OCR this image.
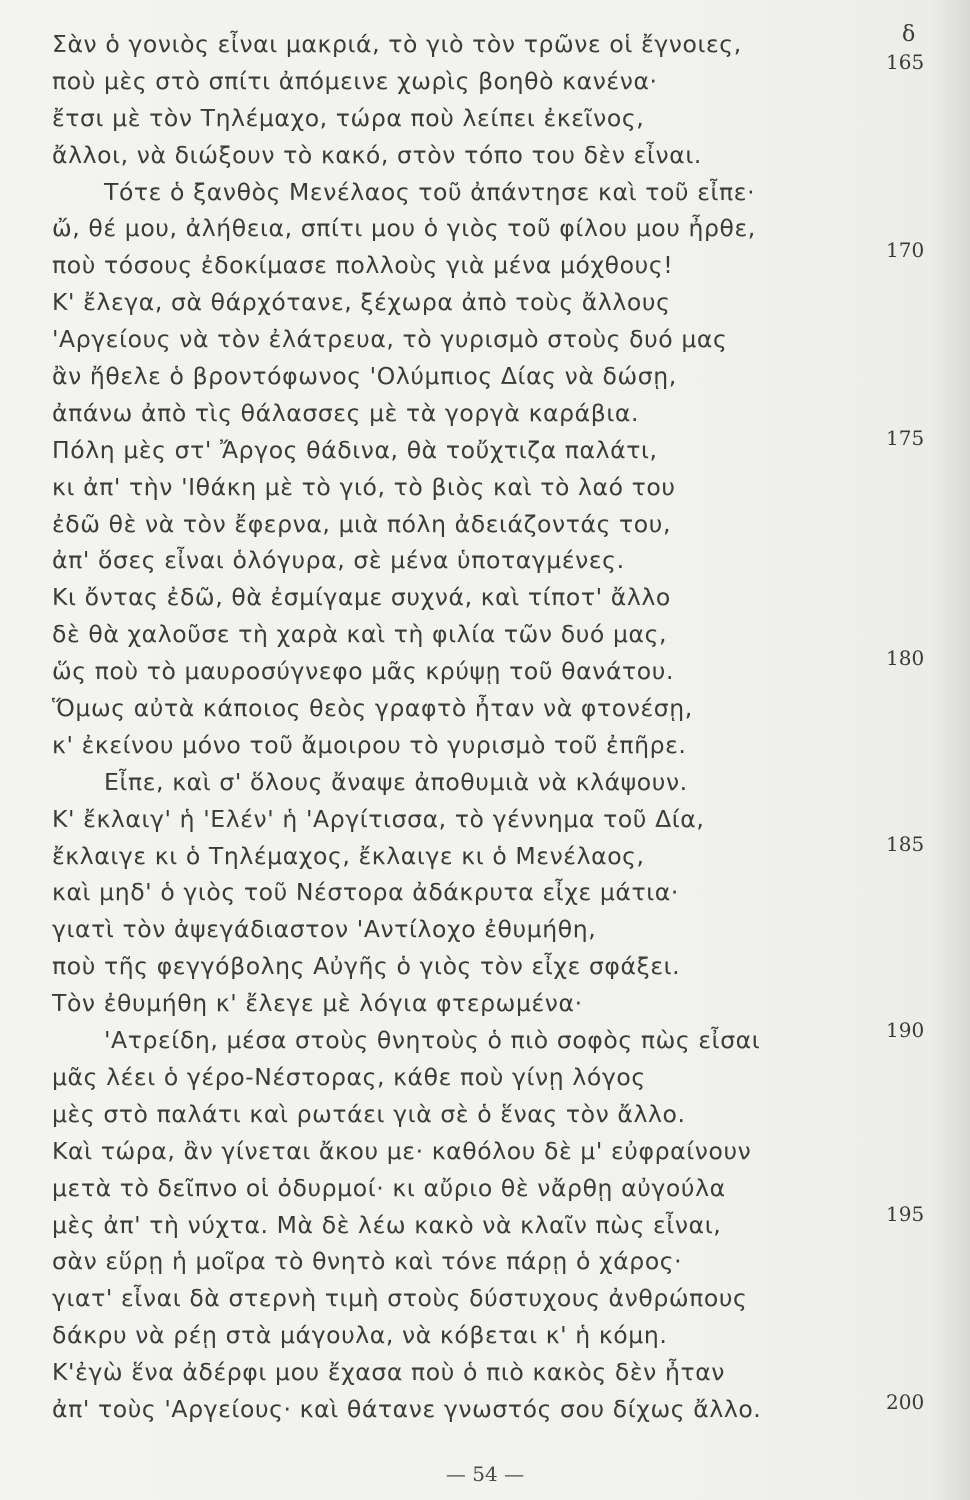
δ
Σὰν ὁ γονιὸς εἶναι μακριά, τὸ γιὸ τὸν τρῶνε οἱ ἔγνοιες,
ποὺ μὲς στὸ σπίτι ἀπόμεινε χωρὶς βοηθὸ κανένα·
ἔτσι μὲ τὸν Τηλέμαχο, τώρα ποὺ λείπει ἐκεῖνος,
ἄλλοι, νὰ διώξουν τὸ κακό, στὸν τόπο του δὲν εἶναι.
Τότε ὁ ξανθὸς Μενέλαος τοῦ ἀπάντησε καὶ τοῦ εἶπε·
ὤ, θέ μου, ἀλήθεια, σπίτι μου ὁ γιὸς τοῦ φίλου μου ἦρθε,
ποὺ τόσους ἐδοκίμασε πολλοὺς γιὰ μένα μόχθους!
Κ' ἔλεγα, σὰ θάρχότανε, ξέχωρα ἀπὸ τοὺς ἄλλους
'Αργείους νὰ τὸν ἐλάτρευα, τὸ γυρισμὸ στοὺς δυό μας
ἂν ἤθελε ὁ βροντόφωνος 'Ολύμπιος Δίας νὰ δώσῃ,
ἀπάνω ἀπὸ τὶς θάλασσες μὲ τὰ γοργὰ καράβια.
Πόλη μὲς στ' Ἄργος θάδινα, θὰ τοὔχτιζα παλάτι,
κι ἀπ' τὴν 'Ιθάκη μὲ τὸ γιό, τὸ βιὸς καὶ τὸ λαό του
ἐδῶ θὲ νὰ τὸν ἔφερνα, μιὰ πόλη ἀδειάζοντάς του,
ἀπ' ὅσες εἶναι ὁλόγυρα, σὲ μένα ὑποταγμένες.
Κι ὄντας ἐδῶ, θὰ ἐσμίγαμε συχνά, καὶ τίποτ' ἄλλο
δὲ θὰ χαλοῦσε τὴ χαρὰ καὶ τὴ φιλία τῶν δυό μας,
ὥς ποὺ τὸ μαυροσύγνεφο μᾶς κρύψῃ τοῦ θανάτου.
Ὅμως αὐτὰ κάποιος θεὸς γραφτὸ ἦταν νὰ φτονέσῃ,
κ' ἐκείνου μόνο τοῦ ἄμοιρου τὸ γυρισμὸ τοῦ ἐπῆρε.
Εἶπε, καὶ σ' ὅλους ἄναψε ἀποθυμιὰ νὰ κλάψουν.
Κ' ἔκλαιγ' ἡ 'Ελέν' ἡ 'Αργίτισσα, τὸ γέννημα τοῦ Δία,
ἔκλαιγε κι ὁ Τηλέμαχος, ἔκλαιγε κι ὁ Μενέλαος,
καὶ μηδ' ὁ γιὸς τοῦ Νέστορα ἀδάκρυτα εἶχε μάτια·
γιατὶ τὸν ἀψεγάδιαστον 'Αντίλοχο ἐθυμήθη,
ποὺ τῆς φεγγόβολης Αὐγῆς ὁ γιὸς τὸν εἶχε σφάξει.
Τὸν ἐθυμήθη κ' ἔλεγε μὲ λόγια φτερωμένα·
'Ατρείδη, μέσα στοὺς θνητοὺς ὁ πιὸ σοφὸς πὼς εἶσαι
μᾶς λέει ὁ γέρο-Νέστορας, κάθε ποὺ γίνῃ λόγος
μὲς στὸ παλάτι καὶ ρωτάει γιὰ σὲ ὁ ἕνας τὸν ἄλλο.
Καὶ τώρα, ἂν γίνεται ἄκου με· καθόλου δὲ μ' εὐφραίνουν
μετὰ τὸ δεῖπνο οἱ ὀδυρμοί· κι αὔριο θὲ νἄρθῃ αὐγούλα
μὲς ἀπ' τὴ νύχτα. Μὰ δὲ λέω κακὸ νὰ κλαῖν πὼς εἶναι,
σὰν εὕρῃ ἡ μοῖρα τὸ θνητὸ καὶ τόνε πάρῃ ὁ χάρος·
γιατ' εἶναι δὰ στερνὴ τιμὴ στοὺς δύστυχους ἀνθρώπους
δάκρυ νὰ ρέῃ στὰ μάγουλα, νὰ κόβεται κ' ἡ κόμη.
Κ'ἐγὼ ἕνα ἀδέρφι μου ἔχασα ποὺ ὁ πιὸ κακὸς δὲν ἦταν
ἀπ' τοὺς 'Αργείους· καὶ θάτανε γνωστός σου δίχως ἄλλο.
165
170
175
180
185
190
195
200
— 54 —
